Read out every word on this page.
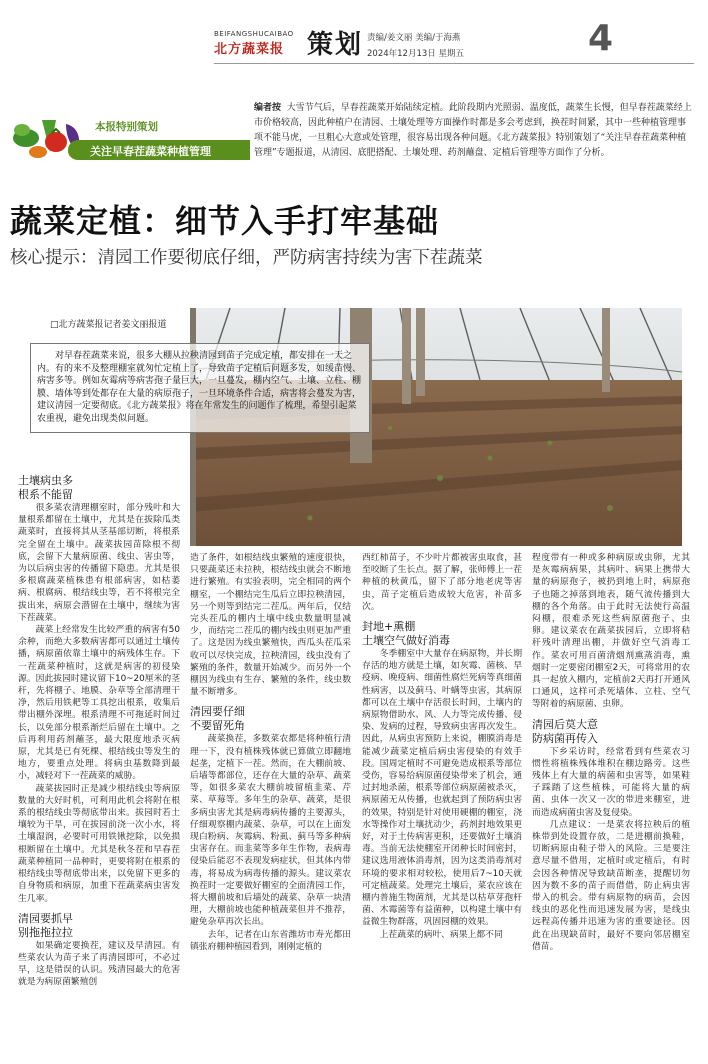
BEIFANGSHUCAIBAO
北方蔬菜报 策划 责编/姜文丽 美编/于海燕
2024年12月13日 星期五	4
本报特别策划
关注早春茬蔬菜种植管理
编者按 大雪节气后，早春茬蔬菜开始陆续定植。此阶段期内光照弱、温度低，蔬菜生长慢，但早春茬蔬菜经上市价格较高，因此种植户在清园、土壤处理等方面操作时都是多会考虑到，换茬时间紧，其中一些种植管理事项不能马虎，一旦粗心大意或处管理，很容易出现各种问题。《北方蔬菜报》特别策划了“关注早春茬蔬菜种植管理”专题报道，从清园、底肥搭配、土壤处理、药剂蘸盘、定植后管理等方面作了分析。
蔬菜定植：细节入手打牢基础
核心提示：清园工作要彻底仔细，严防病害持续为害下茬蔬菜
□北方蔬菜报记者姜文丽报道
对早春茬蔬菜来说，很多大棚从拉秧清园到苗子完成定植，都安排在一天之内。有的来不及整理棚室就匆忙定植上了，导致苗子定植后问题多发，如缓苗慢、病害多等。例如灰霉病等病害孢子量巨大，一旦蔓发，棚内空气、土壤、立柱、棚膜、墙体等到处都存在大量的病原孢子，一旦环境条件合适，病害将会蔓发为害，建议清园一定要彻底。《北方蔬菜报》将在年常发生的问题作了梳理，希望引起菜农重视，避免出现类似问题。
土壤病虫多
根系不能留

很多菜农清理棚室时，部分残叶和大量根系都留在土壤中，尤其是在拔除瓜类蔬菜时，直接将其从茎基部切断，将根系完全留在土壤中。蔬菜拔园苗除根不彻底，会留下大量病原菌、线虫、害虫等，为以后病虫害的传播留下隐患。尤其是很多根腐蔬菜植株患有根部病害，如枯萎病、根腐病、根结线虫等，若不将根完全拔出来，病原会潜留在土壤中，继续为害下茬蔬菜。

蔬菜上经常发生比较严重的病害有50余种，而绝大多数病害都可以通过土壤传播，病原菌依靠土壤中的病残体生存。下一茬蔬菜种植时，这就是病害的初侵染源。因此拔园时建议留下10~20厘米的茎秆，先将棚子、地膜、杂草等全部清理干净，然后用铁耙等工具挖出根系，收集后带出棚外深埋。根系清理不可拖延时间过长，以免部分根系渐烂后留在土壤中。之后再利用药剂蘸茎，最大限度地杀灭病原，尤其是已有死棵、根结线虫等发生的地方，要重点处理。将病虫基数降到最小，减轻对下一茬蔬菜的威胁。

蔬菜拔园时正是减少根结线虫等病原数量的大好时机，可利用此机会将附在根系的根结线虫等彻底带出来。拔园时若土壤较为干旱，可在拔园前浇一次小水，将土壤湿润，必要时可用铁锹挖除，以免损根断留在土壤中。尤其是秋冬茬和早春茬蔬菜种植同一品种时，更要将附在根系的根结线虫等彻底带出来，以免留下更多的自身物质和病原，加重下茬蔬菜病虫害发生几率。

清园要抓早
别拖拖拉拉

如果确定要换茬，建议及早清园。有些菜农认为苗子来了再清园即可，不必过早，这是错误的认识。残清园最大的危害就是为病原菌繁殖创

造了条件，如根结线虫繁殖的速度很快，只要蔬菜还未拉秧，根结线虫就会不断地进行繁殖。有实验表明，完全相同的两个棚室，一个棚结完生瓜后立即拉秧清园，另一个则等到结完二茬瓜。两年后，仅结完头茬瓜的棚内土壤中线虫数量明显减少，而结完二茬瓜的棚内线虫则更加严重了。这是因为线虫繁殖快，西瓜头茬瓜采收可以尽快完成，拉秧清园，线虫没有了繁殖的条件，数量开始减少。而另外一个棚因为线虫有生存、繁殖的条件，线虫数量不断增多。

清园要仔细
不要留死角

蔬菜换茬，多数菜农都是将种植行清理一下，没有植株残体就已算做立即翻地起垄，定植下一茬。然而，在大棚前坡、后墙等都部位，还存在大量的杂草、蔬菜等，如很多菜农大棚前坡留植韭菜、芹菜、草莓等。多年生的杂草、蔬菜，是很多病虫害尤其是病毒病传播的主要源头，仔细观察棚内蔬菜、杂草，可以在上面发现白粉病、灰霉病、粉虱、蓟马等多种病虫害存在。而韭菜等多年生作物，表病毒侵染后能忍不表现发病症状，但其体内带毒，将易成为病毒传播的源头。建议菜农换茬时一定要做好棚室的全面清园工作，将大棚前坡和后墙处的蔬菜、杂草一块清理，大棚前坡也能种植蔬菜但并不推荐，避免杂草再次长出。

去年，记者在山东省潍坊市寿光都田镇张府棚种植园看到，刚刚定植的

西红柿苗子，不少叶片都被害虫取食，甚至咬断了生长点。据了解，张师傅上一茬种植的秋黄瓜，留下了部分地老虎等害虫，苗子定植后造成较大危害，补苗多次。

封地+熏棚
土壤空气做好消毒

冬季棚室中大量存在病原物，并长期存活的地方就是土壤，如灰霉、菌核、早疫病、晚疫病、细菌性腐烂死病等真细菌性病害，以及蓟马、叶螨等虫害，其病原都可以在土壤中存活很长时间，土壤内的病原物借助水、风、人力等完成传播、侵染、发病的过程，导致病虫害再次发生。因此，从病虫害预防上来说，棚膜消毒是能减少蔬菜定植后病虫害侵染的有效手段。国周定植时不可避免造成根系等部位受伤，容易给病原菌侵染带来了机会，通过封地杀菌，根系等部位病原菌被杀灭，病原菌无从传播，也就起到了预防病虫害的效果，特别是针对使用硬棚的棚室，浇水等操作对土壤扰动少，药剂封地效果更好，对于土传病害更积，还要做好土壤消毒。当前无法使棚室开闭种长时间密封，建议选用液体消毒剂，因为这类消毒剂对环境的要求相对较松，使用后7~10天就可定植蔬菜。处理完土壤后，菜农应该在棚内普施生物菌剂，尤其是以枯草芽孢杆菌、木霉菌等有益菌种，以构建土壤中有益微生物群落，巩固园棚的效果。

上茬蔬菜的病叶、病果上都不同

程度带有一种或多种病原或虫卵，尤其是灰霉病病果，其病叶、病果上携带大量的病原孢子，被扔到地上时，病原孢子也随之掉落到地表，随气流传播到大棚的各个角落。由于此时无法使行高温闷棚，很难杀死这些病原菌孢子、虫卵。建议菜农在蔬菜拔园后，立即将秸秆残叶清理出棚，并做好空气消毒工作。菜农可用百菌清烟剂熏蒸消毒，熏烟时一定要密闭棚室2天，可将常用的农具一起放入棚内，定植前2天再打开通风口通风，这样可杀死墙体、立柱、空气等附着的病原菌、虫卵。

清园后莫大意
防病菌再传入

下乡采访时，经常看到有些菜农习惯性将植株残体堆积在棚边路旁。这些残体上有大量的病菌和虫害等，如果鞋子踩踏了这些植株，可能将大量的病菌、虫体一次又一次的带进来棚室，进而造成病菌虫害及复侵染。

几点建议：一是菜农将拉秧后的植株带到处设置存放，二是进棚前换鞋，切断病原由鞋子带入的风险。三是要注意尽量不借用，定植时或定植后，有时会因各种情况导致缺苗断垄，提醒切勿因为数不多的苗子而借借，防止病虫害带入的机会。带有病原物的病苗，会因线虫的恶化性而迅速发展为害，是线虫远程高传播并迅速为害的重要途径。因此在出现缺苗时，最好不要向邻居棚室借苗。
